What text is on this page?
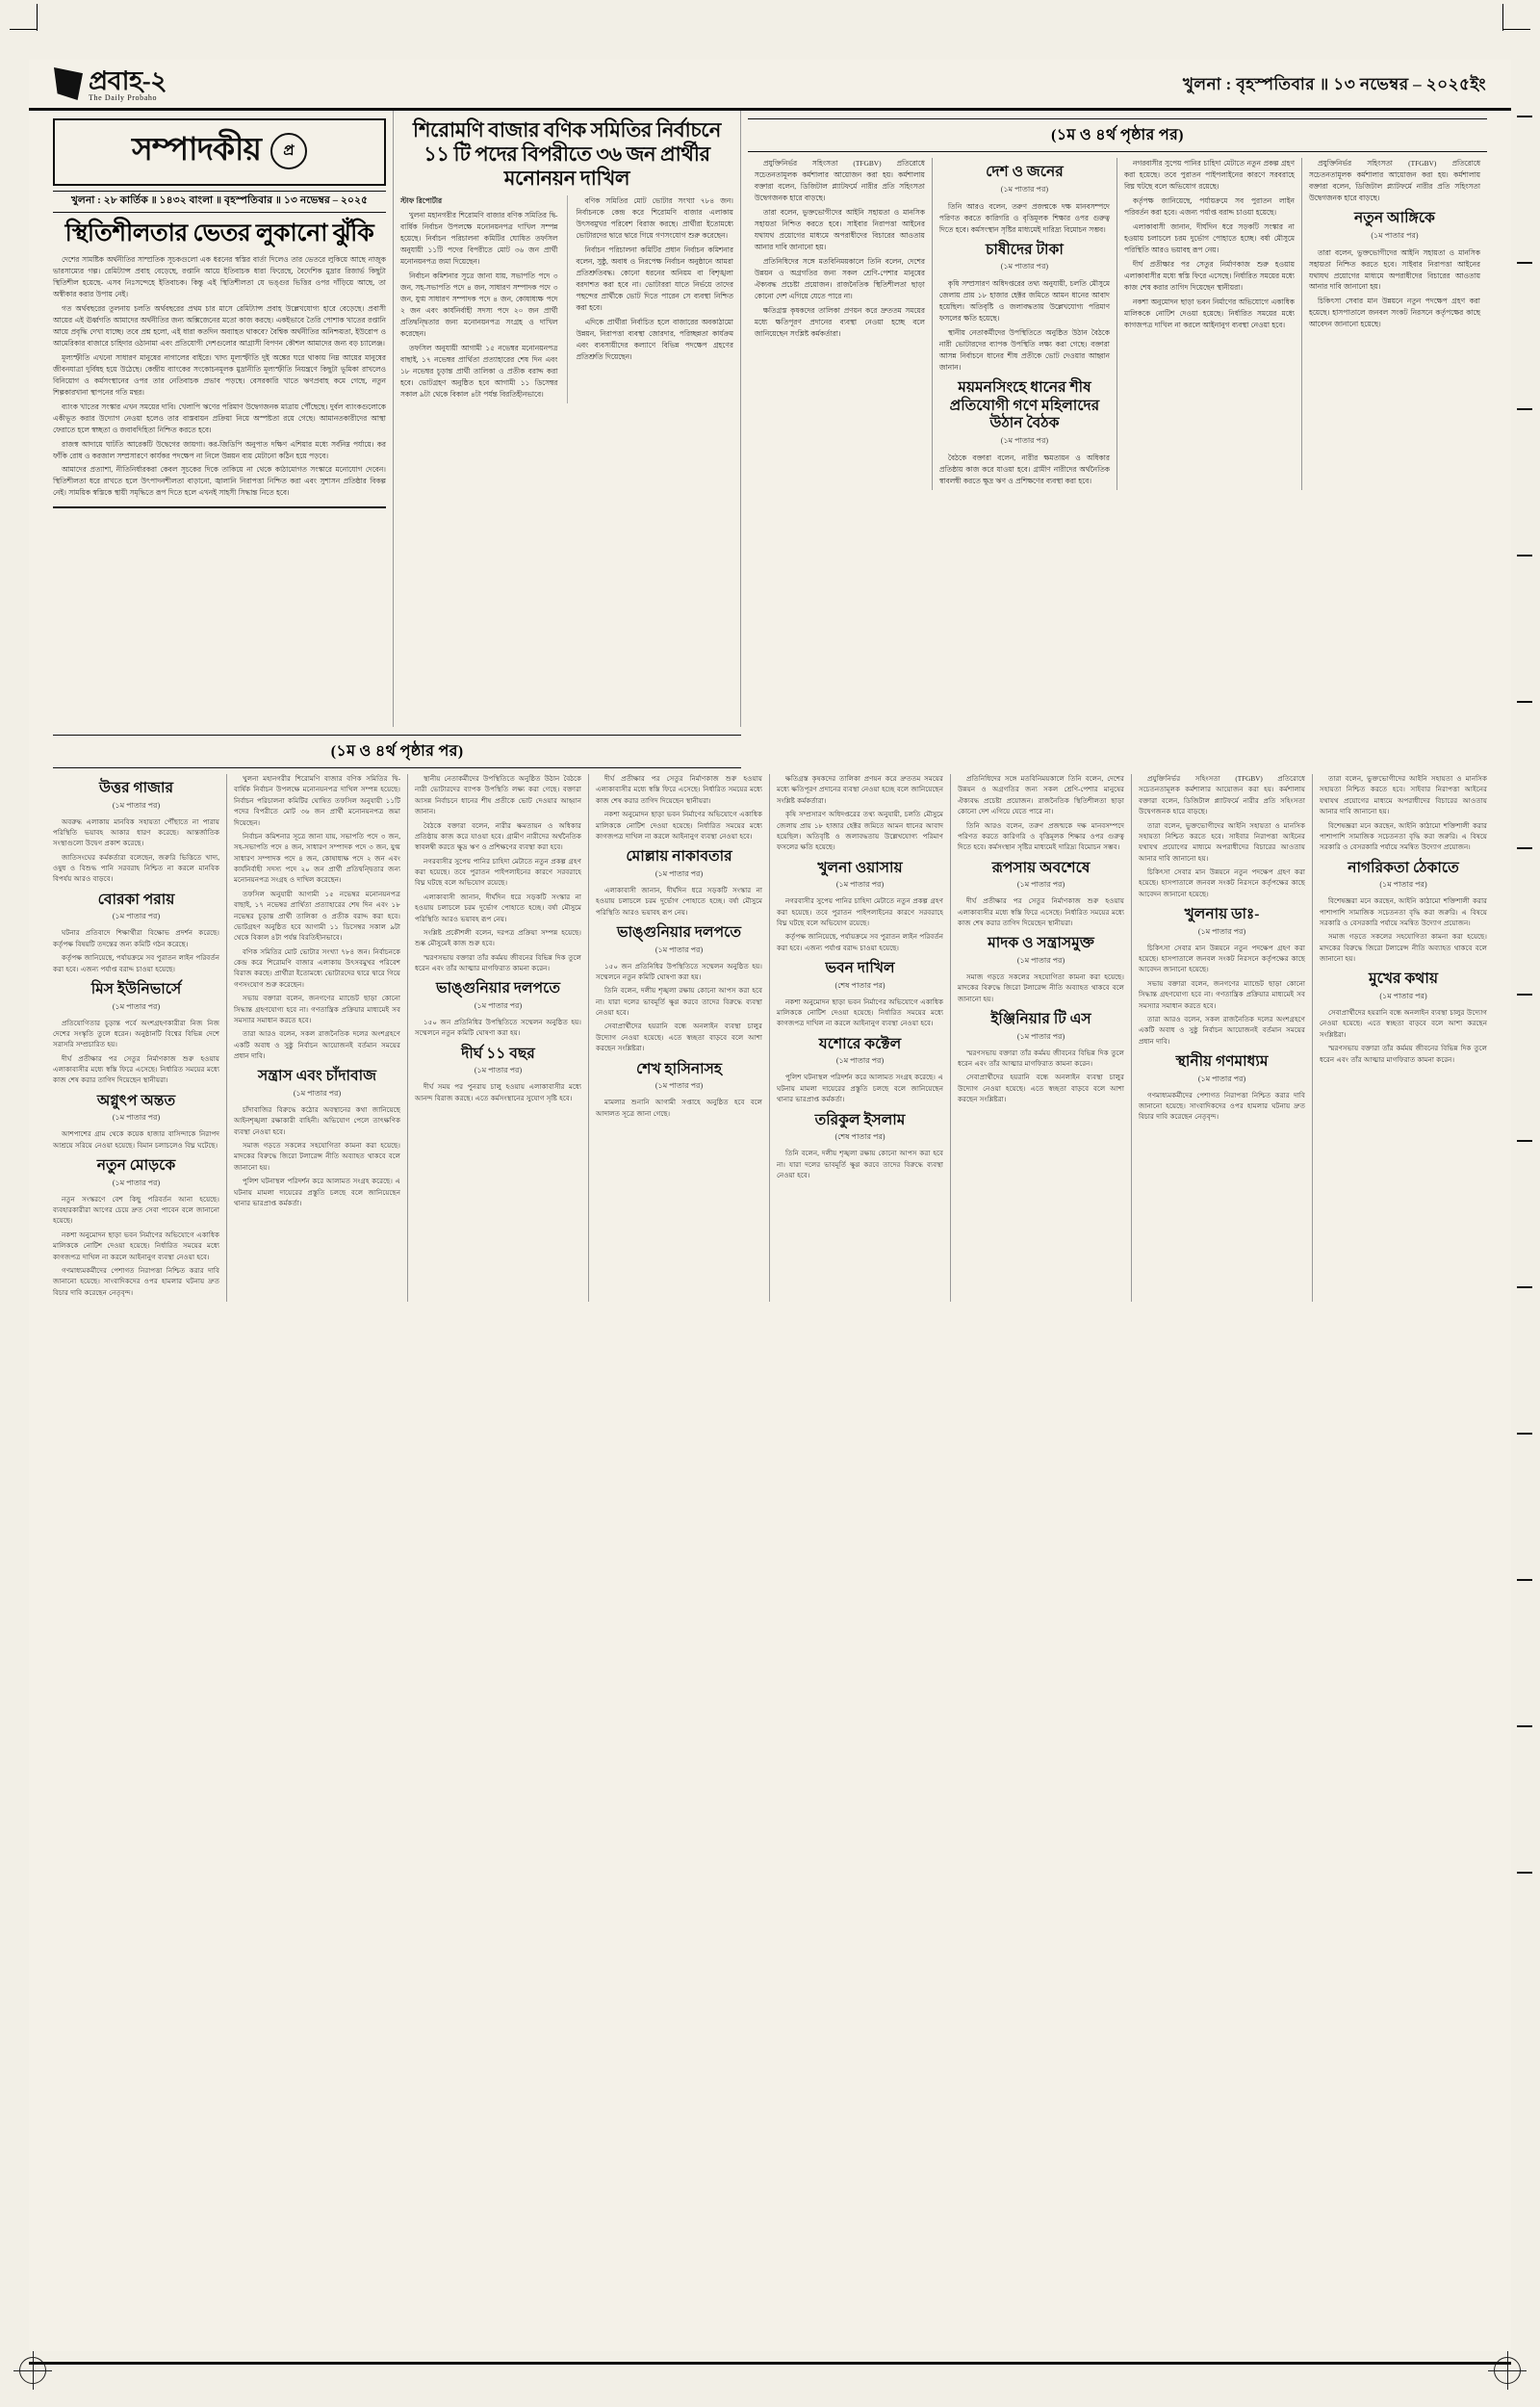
প্রবাহ-২
The Daily Probaho
খুলনা : বৃহস্পতিবার ॥ ১৩ নভেম্বর – ২০২৫ইং
সম্পাদকীয়	প্র
খুলনা : ২৮ কার্তিক ॥ ১৪৩২ বাংলা ॥ বৃহস্পতিবার ॥ ১৩ নভেম্বর – ২০২৫
স্থিতিশীলতার ভেতর লুকানো ঝুঁকি

দেশের সামষ্টিক অর্থনীতির সাম্প্রতিক সূচকগুলো এক ধরনের স্বস্তির বার্তা দিলেও তার ভেতরে লুকিয়ে আছে নাজুক ভারসাম্যের গল্প। রেমিট্যান্স প্রবাহ বেড়েছে, রপ্তানি আয়ে ইতিবাচক ধারা ফিরেছে, বৈদেশিক মুদ্রার রিজার্ভ কিছুটা স্থিতিশীল হয়েছে- এসব নিঃসন্দেহে ইতিবাচক। কিন্তু এই স্থিতিশীলতা যে ভঙ্গুর ভিত্তির ওপর দাঁড়িয়ে আছে, তা অস্বীকার করার উপায় নেই।

গত অর্থবছরের তুলনায় চলতি অর্থবছরের প্রথম চার মাসে রেমিট্যান্স প্রবাহ উল্লেখযোগ্য হারে বেড়েছে। প্রবাসী আয়ের এই ঊর্ধ্বগতি আমাদের অর্থনীতির জন্য অক্সিজেনের মতো কাজ করছে। একইভাবে তৈরি পোশাক খাতের রপ্তানি আয়ে প্রবৃদ্ধি দেখা যাচ্ছে। তবে প্রশ্ন হলো, এই ধারা কতদিন অব্যাহত থাকবে? বৈশ্বিক অর্থনীতির অনিশ্চয়তা, ইউরোপ ও আমেরিকার বাজারে চাহিদার ওঠানামা এবং প্রতিযোগী দেশগুলোর আগ্রাসী বিপণন কৌশল আমাদের জন্য বড় চ্যালেঞ্জ।

মূল্যস্ফীতি এখনো সাধারণ মানুষের নাগালের বাইরে। খাদ্য মূল্যস্ফীতি দুই অঙ্কের ঘরে থাকায় নিম্ন আয়ের মানুষের জীবনযাত্রা দুর্বিষহ হয়ে উঠেছে। কেন্দ্রীয় ব্যাংকের সংকোচনমূলক মুদ্রানীতি মূল্যস্ফীতি নিয়ন্ত্রণে কিছুটা ভূমিকা রাখলেও বিনিয়োগ ও কর্মসংস্থানের ওপর তার নেতিবাচক প্রভাব পড়ছে। বেসরকারি খাতে ঋণপ্রবাহ কমে গেছে, নতুন শিল্পকারখানা স্থাপনের গতি মন্থর।

ব্যাংক খাতের সংস্কার এখন সময়ের দাবি। খেলাপি ঋণের পরিমাণ উদ্বেগজনক মাত্রায় পৌঁছেছে। দুর্বল ব্যাংকগুলোকে একীভূত করার উদ্যোগ নেওয়া হলেও তার বাস্তবায়ন প্রক্রিয়া নিয়ে অস্পষ্টতা রয়ে গেছে। আমানতকারীদের আস্থা ফেরাতে হলে স্বচ্ছতা ও জবাবদিহিতা নিশ্চিত করতে হবে।

রাজস্ব আদায়ে ঘাটতি আরেকটি উদ্বেগের জায়গা। কর-জিডিপি অনুপাত দক্ষিণ এশিয়ার মধ্যে সর্বনিম্ন পর্যায়ে। কর ফাঁকি রোধ ও করজাল সম্প্রসারণে কার্যকর পদক্ষেপ না নিলে উন্নয়ন ব্যয় মেটানো কঠিন হয়ে পড়বে।

আমাদের প্রত্যাশা, নীতিনির্ধারকরা কেবল সূচকের দিকে তাকিয়ে না থেকে কাঠামোগত সংস্কারে মনোযোগ দেবেন। স্থিতিশীলতা ধরে রাখতে হলে উৎপাদনশীলতা বাড়ানো, জ্বালানি নিরাপত্তা নিশ্চিত করা এবং সুশাসন প্রতিষ্ঠার বিকল্প নেই। সাময়িক স্বস্তিকে স্থায়ী সমৃদ্ধিতে রূপ দিতে হলে এখনই সাহসী সিদ্ধান্ত নিতে হবে।

শিরোমণি বাজার বণিক সমিতির নির্বাচনে ১১ টি পদের বিপরীতে ৩৬ জন প্রার্থীর মনোনয়ন দাখিল

স্টাফ রিপোর্টার

খুলনা মহানগরীর শিরোমণি বাজার বণিক সমিতির দ্বি-বার্ষিক নির্বাচন উপলক্ষে মনোনয়নপত্র দাখিল সম্পন্ন হয়েছে। নির্বাচন পরিচালনা কমিটির ঘোষিত তফসিল অনুযায়ী ১১টি পদের বিপরীতে মোট ৩৬ জন প্রার্থী মনোনয়নপত্র জমা দিয়েছেন।

নির্বাচন কমিশনার সূত্রে জানা যায়, সভাপতি পদে ৩ জন, সহ-সভাপতি পদে ৪ জন, সাধারণ সম্পাদক পদে ৩ জন, যুগ্ম সাধারণ সম্পাদক পদে ৪ জন, কোষাধ্যক্ষ পদে ২ জন এবং কার্যনির্বাহী সদস্য পদে ২০ জন প্রার্থী প্রতিদ্বন্দ্বিতার জন্য মনোনয়নপত্র সংগ্রহ ও দাখিল করেছেন।

তফসিল অনুযায়ী আগামী ১৫ নভেম্বর মনোনয়নপত্র বাছাই, ১৭ নভেম্বর প্রার্থিতা প্রত্যাহারের শেষ দিন এবং ১৮ নভেম্বর চূড়ান্ত প্রার্থী তালিকা ও প্রতীক বরাদ্দ করা হবে। ভোটগ্রহণ অনুষ্ঠিত হবে আগামী ১১ ডিসেম্বর সকাল ৯টা থেকে বিকাল ৪টা পর্যন্ত বিরতিহীনভাবে।

বণিক সমিতির মোট ভোটার সংখ্যা ৭৮৪ জন। নির্বাচনকে কেন্দ্র করে শিরোমণি বাজার এলাকায় উৎসবমুখর পরিবেশ বিরাজ করছে। প্রার্থীরা ইতোমধ্যে ভোটারদের দ্বারে দ্বারে গিয়ে গণসংযোগ শুরু করেছেন।

নির্বাচন পরিচালনা কমিটির প্রধান নির্বাচন কমিশনার বলেন, সুষ্ঠু, অবাধ ও নিরপেক্ষ নির্বাচন অনুষ্ঠানে আমরা প্রতিশ্রুতিবদ্ধ। কোনো ধরনের অনিয়ম বা বিশৃঙ্খলা বরদাশত করা হবে না। ভোটাররা যাতে নির্ভয়ে তাদের পছন্দের প্রার্থীকে ভোট দিতে পারেন সে ব্যবস্থা নিশ্চিত করা হবে।

এদিকে প্রার্থীরা নির্বাচিত হলে বাজারের অবকাঠামো উন্নয়ন, নিরাপত্তা ব্যবস্থা জোরদার, পরিচ্ছন্নতা কার্যক্রম এবং ব্যবসায়ীদের কল্যাণে বিভিন্ন পদক্ষেপ গ্রহণের প্রতিশ্রুতি দিয়েছেন।

(১ম ও ৪র্থ পৃষ্ঠার পর)

প্রযুক্তিনির্ভর সহিংসতা (TFGBV) প্রতিরোধে সচেতনতামূলক কর্মশালার আয়োজন করা হয়। কর্মশালায় বক্তারা বলেন, ডিজিটাল প্ল্যাটফর্মে নারীর প্রতি সহিংসতা উদ্বেগজনক হারে বাড়ছে।

তারা বলেন, ভুক্তভোগীদের আইনি সহায়তা ও মানসিক সহায়তা নিশ্চিত করতে হবে। সাইবার নিরাপত্তা আইনের যথাযথ প্রয়োগের মাধ্যমে অপরাধীদের বিচারের আওতায় আনার দাবি জানানো হয়।

প্রতিনিধিদের সঙ্গে মতবিনিময়কালে তিনি বলেন, দেশের উন্নয়ন ও অগ্রগতির জন্য সকল শ্রেণি-পেশার মানুষের ঐক্যবদ্ধ প্রচেষ্টা প্রয়োজন। রাজনৈতিক স্থিতিশীলতা ছাড়া কোনো দেশ এগিয়ে যেতে পারে না।

ক্ষতিগ্রস্ত কৃষকদের তালিকা প্রণয়ন করে দ্রুততম সময়ের মধ্যে ক্ষতিপূরণ প্রদানের ব্যবস্থা নেওয়া হচ্ছে বলে জানিয়েছেন সংশ্লিষ্ট কর্মকর্তারা।

দেশ ও জনের
(১ম পাতার পর)

তিনি আরও বলেন, তরুণ প্রজন্মকে দক্ষ মানবসম্পদে পরিণত করতে কারিগরি ও বৃত্তিমূলক শিক্ষার ওপর গুরুত্ব দিতে হবে। কর্মসংস্থান সৃষ্টির মাধ্যমেই দারিদ্র্য বিমোচন সম্ভব।

চাষীদের টাকা
(১ম পাতার পর)

কৃষি সম্প্রসারণ অধিদপ্তরের তথ্য অনুযায়ী, চলতি মৌসুমে জেলায় প্রায় ১৮ হাজার হেক্টর জমিতে আমন ধানের আবাদ হয়েছিল। অতিবৃষ্টি ও জলাবদ্ধতায় উল্লেখযোগ্য পরিমাণ ফসলের ক্ষতি হয়েছে।

স্থানীয় নেতাকর্মীদের উপস্থিতিতে অনুষ্ঠিত উঠান বৈঠকে নারী ভোটারদের ব্যাপক উপস্থিতি লক্ষ্য করা গেছে। বক্তারা আসন্ন নির্বাচনে ধানের শীষ প্রতীকে ভোট দেওয়ার আহ্বান জানান।

ময়মনসিংহে ধানের শীষ প্রতিযোগী গণে মহিলাদের উঠান বৈঠক
(১ম পাতার পর)

বৈঠকে বক্তারা বলেন, নারীর ক্ষমতায়ন ও অধিকার প্রতিষ্ঠায় কাজ করে যাওয়া হবে। গ্রামীণ নারীদের অর্থনৈতিক স্বাবলম্বী করতে ক্ষুদ্র ঋণ ও প্রশিক্ষণের ব্যবস্থা করা হবে।

নগরবাসীর সুপেয় পানির চাহিদা মেটাতে নতুন প্রকল্প গ্রহণ করা হয়েছে। তবে পুরাতন পাইপলাইনের কারণে সরবরাহে বিঘ্ন ঘটছে বলে অভিযোগ রয়েছে।

কর্তৃপক্ষ জানিয়েছে, পর্যায়ক্রমে সব পুরাতন লাইন পরিবর্তন করা হবে। এজন্য পর্যাপ্ত বরাদ্দ চাওয়া হয়েছে।

এলাকাবাসী জানান, দীর্ঘদিন ধরে সড়কটি সংস্কার না হওয়ায় চলাচলে চরম দুর্ভোগ পোহাতে হচ্ছে। বর্ষা মৌসুমে পরিস্থিতি আরও ভয়াবহ রূপ নেয়।

দীর্ঘ প্রতীক্ষার পর সেতুর নির্মাণকাজ শুরু হওয়ায় এলাকাবাসীর মধ্যে স্বস্তি ফিরে এসেছে। নির্ধারিত সময়ের মধ্যে কাজ শেষ করার তাগিদ দিয়েছেন স্থানীয়রা।

নকশা অনুমোদন ছাড়া ভবন নির্মাণের অভিযোগে একাধিক মালিককে নোটিশ দেওয়া হয়েছে। নির্ধারিত সময়ের মধ্যে কাগজপত্র দাখিল না করলে আইনানুগ ব্যবস্থা নেওয়া হবে।

প্রযুক্তিনির্ভর সহিংসতা (TFGBV) প্রতিরোধে সচেতনতামূলক কর্মশালার আয়োজন করা হয়। কর্মশালায় বক্তারা বলেন, ডিজিটাল প্ল্যাটফর্মে নারীর প্রতি সহিংসতা উদ্বেগজনক হারে বাড়ছে।

নতুন আঙ্গিকে
(১ম পাতার পর)

তারা বলেন, ভুক্তভোগীদের আইনি সহায়তা ও মানসিক সহায়তা নিশ্চিত করতে হবে। সাইবার নিরাপত্তা আইনের যথাযথ প্রয়োগের মাধ্যমে অপরাধীদের বিচারের আওতায় আনার দাবি জানানো হয়।

চিকিৎসা সেবার মান উন্নয়নে নতুন পদক্ষেপ গ্রহণ করা হয়েছে। হাসপাতালে জনবল সংকট নিরসনে কর্তৃপক্ষের কাছে আবেদন জানানো হয়েছে।

(১ম ও ৪র্থ পৃষ্ঠার পর)
উত্তর গাজার
(১ম পাতার পর)

অবরুদ্ধ এলাকায় মানবিক সহায়তা পৌঁছাতে না পারায় পরিস্থিতি ভয়াবহ আকার ধারণ করেছে। আন্তর্জাতিক সংস্থাগুলো উদ্বেগ প্রকাশ করেছে।

জাতিসংঘের কর্মকর্তারা বলেছেন, জরুরি ভিত্তিতে খাদ্য, ওষুধ ও বিশুদ্ধ পানি সরবরাহ নিশ্চিত না করলে মানবিক বিপর্যয় আরও বাড়বে।

বোরকা পরায়
(১ম পাতার পর)

ঘটনার প্রতিবাদে শিক্ষার্থীরা বিক্ষোভ প্রদর্শন করেছে। কর্তৃপক্ষ বিষয়টি তদন্তের জন্য কমিটি গঠন করেছে।

কর্তৃপক্ষ জানিয়েছে, পর্যায়ক্রমে সব পুরাতন লাইন পরিবর্তন করা হবে। এজন্য পর্যাপ্ত বরাদ্দ চাওয়া হয়েছে।

মিস ইউনিভার্সে
(১ম পাতার পর)

প্রতিযোগিতার চূড়ান্ত পর্বে অংশগ্রহণকারীরা নিজ নিজ দেশের সংস্কৃতি তুলে ধরেন। অনুষ্ঠানটি বিশ্বের বিভিন্ন দেশে সরাসরি সম্প্রচারিত হয়।

দীর্ঘ প্রতীক্ষার পর সেতুর নির্মাণকাজ শুরু হওয়ায় এলাকাবাসীর মধ্যে স্বস্তি ফিরে এসেছে। নির্ধারিত সময়ের মধ্যে কাজ শেষ করার তাগিদ দিয়েছেন স্থানীয়রা।

অগ্নুৎপ অন্তত
(১ম পাতার পর)

আশপাশের গ্রাম থেকে কয়েক হাজার বাসিন্দাকে নিরাপদ আশ্রয়ে সরিয়ে নেওয়া হয়েছে। বিমান চলাচলেও বিঘ্ন ঘটেছে।

নতুন মোড়কে
(১ম পাতার পর)

নতুন সংস্করণে বেশ কিছু পরিবর্তন আনা হয়েছে। ব্যবহারকারীরা আগের চেয়ে দ্রুত সেবা পাবেন বলে জানানো হয়েছে।

নকশা অনুমোদন ছাড়া ভবন নির্মাণের অভিযোগে একাধিক মালিককে নোটিশ দেওয়া হয়েছে। নির্ধারিত সময়ের মধ্যে কাগজপত্র দাখিল না করলে আইনানুগ ব্যবস্থা নেওয়া হবে।

গণমাধ্যমকর্মীদের পেশাগত নিরাপত্তা নিশ্চিত করার দাবি জানানো হয়েছে। সাংবাদিকদের ওপর হামলার ঘটনায় দ্রুত বিচার দাবি করেছেন নেতৃবৃন্দ।

খুলনা মহানগরীর শিরোমণি বাজার বণিক সমিতির দ্বি-বার্ষিক নির্বাচন উপলক্ষে মনোনয়নপত্র দাখিল সম্পন্ন হয়েছে। নির্বাচন পরিচালনা কমিটির ঘোষিত তফসিল অনুযায়ী ১১টি পদের বিপরীতে মোট ৩৬ জন প্রার্থী মনোনয়নপত্র জমা দিয়েছেন।

নির্বাচন কমিশনার সূত্রে জানা যায়, সভাপতি পদে ৩ জন, সহ-সভাপতি পদে ৪ জন, সাধারণ সম্পাদক পদে ৩ জন, যুগ্ম সাধারণ সম্পাদক পদে ৪ জন, কোষাধ্যক্ষ পদে ২ জন এবং কার্যনির্বাহী সদস্য পদে ২০ জন প্রার্থী প্রতিদ্বন্দ্বিতার জন্য মনোনয়নপত্র সংগ্রহ ও দাখিল করেছেন।

তফসিল অনুযায়ী আগামী ১৫ নভেম্বর মনোনয়নপত্র বাছাই, ১৭ নভেম্বর প্রার্থিতা প্রত্যাহারের শেষ দিন এবং ১৮ নভেম্বর চূড়ান্ত প্রার্থী তালিকা ও প্রতীক বরাদ্দ করা হবে। ভোটগ্রহণ অনুষ্ঠিত হবে আগামী ১১ ডিসেম্বর সকাল ৯টা থেকে বিকাল ৪টা পর্যন্ত বিরতিহীনভাবে।

বণিক সমিতির মোট ভোটার সংখ্যা ৭৮৪ জন। নির্বাচনকে কেন্দ্র করে শিরোমণি বাজার এলাকায় উৎসবমুখর পরিবেশ বিরাজ করছে। প্রার্থীরা ইতোমধ্যে ভোটারদের দ্বারে দ্বারে গিয়ে গণসংযোগ শুরু করেছেন।

সভায় বক্তারা বলেন, জনগণের ম্যান্ডেট ছাড়া কোনো সিদ্ধান্ত গ্রহণযোগ্য হবে না। গণতান্ত্রিক প্রক্রিয়ার মাধ্যমেই সব সমস্যার সমাধান করতে হবে।

তারা আরও বলেন, সকল রাজনৈতিক দলের অংশগ্রহণে একটি অবাধ ও সুষ্ঠু নির্বাচন আয়োজনই বর্তমান সময়ের প্রধান দাবি।

সন্ত্রাস এবং চাঁদাবাজ
(১ম পাতার পর)

চাঁদাবাজির বিরুদ্ধে কঠোর অবস্থানের কথা জানিয়েছে আইনশৃঙ্খলা রক্ষাকারী বাহিনী। অভিযোগ পেলে তাৎক্ষণিক ব্যবস্থা নেওয়া হবে।

সমাজ গড়তে সকলের সহযোগিতা কামনা করা হয়েছে। মাদকের বিরুদ্ধে জিরো টলারেন্স নীতি অব্যাহত থাকবে বলে জানানো হয়।

পুলিশ ঘটনাস্থল পরিদর্শন করে আলামত সংগ্রহ করেছে। এ ঘটনায় মামলা দায়েরের প্রস্তুতি চলছে বলে জানিয়েছেন থানার ভারপ্রাপ্ত কর্মকর্তা।

স্থানীয় নেতাকর্মীদের উপস্থিতিতে অনুষ্ঠিত উঠান বৈঠকে নারী ভোটারদের ব্যাপক উপস্থিতি লক্ষ্য করা গেছে। বক্তারা আসন্ন নির্বাচনে ধানের শীষ প্রতীকে ভোট দেওয়ার আহ্বান জানান।

বৈঠকে বক্তারা বলেন, নারীর ক্ষমতায়ন ও অধিকার প্রতিষ্ঠায় কাজ করে যাওয়া হবে। গ্রামীণ নারীদের অর্থনৈতিক স্বাবলম্বী করতে ক্ষুদ্র ঋণ ও প্রশিক্ষণের ব্যবস্থা করা হবে।

নগরবাসীর সুপেয় পানির চাহিদা মেটাতে নতুন প্রকল্প গ্রহণ করা হয়েছে। তবে পুরাতন পাইপলাইনের কারণে সরবরাহে বিঘ্ন ঘটছে বলে অভিযোগ রয়েছে।

এলাকাবাসী জানান, দীর্ঘদিন ধরে সড়কটি সংস্কার না হওয়ায় চলাচলে চরম দুর্ভোগ পোহাতে হচ্ছে। বর্ষা মৌসুমে পরিস্থিতি আরও ভয়াবহ রূপ নেয়।

সংশ্লিষ্ট প্রকৌশলী বলেন, দরপত্র প্রক্রিয়া সম্পন্ন হয়েছে। শুষ্ক মৌসুমেই কাজ শুরু হবে।

স্মরণসভায় বক্তারা তাঁর কর্মময় জীবনের বিভিন্ন দিক তুলে ধরেন এবং তাঁর আত্মার মাগফিরাত কামনা করেন।

ভাঙ্গুনিয়ার দলপতে
(১ম পাতার পর)

১৫০ জন প্রতিনিধির উপস্থিতিতে সম্মেলন অনুষ্ঠিত হয়। সম্মেলনে নতুন কমিটি ঘোষণা করা হয়।

দীর্ঘ ১১ বছর
(১ম পাতার পর)

দীর্ঘ সময় পর পুনরায় চালু হওয়ায় এলাকাবাসীর মধ্যে আনন্দ বিরাজ করছে। এতে কর্মসংস্থানের সুযোগ সৃষ্টি হবে।

দীর্ঘ প্রতীক্ষার পর সেতুর নির্মাণকাজ শুরু হওয়ায় এলাকাবাসীর মধ্যে স্বস্তি ফিরে এসেছে। নির্ধারিত সময়ের মধ্যে কাজ শেষ করার তাগিদ দিয়েছেন স্থানীয়রা।

নকশা অনুমোদন ছাড়া ভবন নির্মাণের অভিযোগে একাধিক মালিককে নোটিশ দেওয়া হয়েছে। নির্ধারিত সময়ের মধ্যে কাগজপত্র দাখিল না করলে আইনানুগ ব্যবস্থা নেওয়া হবে।

মোল্লায় নাকাবতার
(১ম পাতার পর)

এলাকাবাসী জানান, দীর্ঘদিন ধরে সড়কটি সংস্কার না হওয়ায় চলাচলে চরম দুর্ভোগ পোহাতে হচ্ছে। বর্ষা মৌসুমে পরিস্থিতি আরও ভয়াবহ রূপ নেয়।

ভাঙ্গুনিয়ার দলপতে
(১ম পাতার পর)

১৫০ জন প্রতিনিধির উপস্থিতিতে সম্মেলন অনুষ্ঠিত হয়। সম্মেলনে নতুন কমিটি ঘোষণা করা হয়।

তিনি বলেন, দলীয় শৃঙ্খলা রক্ষায় কোনো আপস করা হবে না। যারা দলের ভাবমূর্তি ক্ষুণ্ণ করবে তাদের বিরুদ্ধে ব্যবস্থা নেওয়া হবে।

সেবাপ্রার্থীদের হয়রানি বন্ধে অনলাইন ব্যবস্থা চালুর উদ্যোগ নেওয়া হয়েছে। এতে স্বচ্ছতা বাড়বে বলে আশা করছেন সংশ্লিষ্টরা।

শেখ হাসিনাসহ
(১ম পাতার পর)

মামলার শুনানি আগামী সপ্তাহে অনুষ্ঠিত হবে বলে আদালত সূত্রে জানা গেছে।

ক্ষতিগ্রস্ত কৃষকদের তালিকা প্রণয়ন করে দ্রুততম সময়ের মধ্যে ক্ষতিপূরণ প্রদানের ব্যবস্থা নেওয়া হচ্ছে বলে জানিয়েছেন সংশ্লিষ্ট কর্মকর্তারা।

কৃষি সম্প্রসারণ অধিদপ্তরের তথ্য অনুযায়ী, চলতি মৌসুমে জেলায় প্রায় ১৮ হাজার হেক্টর জমিতে আমন ধানের আবাদ হয়েছিল। অতিবৃষ্টি ও জলাবদ্ধতায় উল্লেখযোগ্য পরিমাণ ফসলের ক্ষতি হয়েছে।

খুলনা ওয়াসায়
(১ম পাতার পর)

নগরবাসীর সুপেয় পানির চাহিদা মেটাতে নতুন প্রকল্প গ্রহণ করা হয়েছে। তবে পুরাতন পাইপলাইনের কারণে সরবরাহে বিঘ্ন ঘটছে বলে অভিযোগ রয়েছে।

কর্তৃপক্ষ জানিয়েছে, পর্যায়ক্রমে সব পুরাতন লাইন পরিবর্তন করা হবে। এজন্য পর্যাপ্ত বরাদ্দ চাওয়া হয়েছে।

ভবন দাখিল
(শেষ পাতার পর)

নকশা অনুমোদন ছাড়া ভবন নির্মাণের অভিযোগে একাধিক মালিককে নোটিশ দেওয়া হয়েছে। নির্ধারিত সময়ের মধ্যে কাগজপত্র দাখিল না করলে আইনানুগ ব্যবস্থা নেওয়া হবে।

যশোরে কক্টেল
(১ম পাতার পর)

পুলিশ ঘটনাস্থল পরিদর্শন করে আলামত সংগ্রহ করেছে। এ ঘটনায় মামলা দায়েরের প্রস্তুতি চলছে বলে জানিয়েছেন থানার ভারপ্রাপ্ত কর্মকর্তা।

তরিকুল ইসলাম
(শেষ পাতার পর)

তিনি বলেন, দলীয় শৃঙ্খলা রক্ষায় কোনো আপস করা হবে না। যারা দলের ভাবমূর্তি ক্ষুণ্ণ করবে তাদের বিরুদ্ধে ব্যবস্থা নেওয়া হবে।

প্রতিনিধিদের সঙ্গে মতবিনিময়কালে তিনি বলেন, দেশের উন্নয়ন ও অগ্রগতির জন্য সকল শ্রেণি-পেশার মানুষের ঐক্যবদ্ধ প্রচেষ্টা প্রয়োজন। রাজনৈতিক স্থিতিশীলতা ছাড়া কোনো দেশ এগিয়ে যেতে পারে না।

তিনি আরও বলেন, তরুণ প্রজন্মকে দক্ষ মানবসম্পদে পরিণত করতে কারিগরি ও বৃত্তিমূলক শিক্ষার ওপর গুরুত্ব দিতে হবে। কর্মসংস্থান সৃষ্টির মাধ্যমেই দারিদ্র্য বিমোচন সম্ভব।

রূপসায় অবশেষে
(১ম পাতার পর)

দীর্ঘ প্রতীক্ষার পর সেতুর নির্মাণকাজ শুরু হওয়ায় এলাকাবাসীর মধ্যে স্বস্তি ফিরে এসেছে। নির্ধারিত সময়ের মধ্যে কাজ শেষ করার তাগিদ দিয়েছেন স্থানীয়রা।

মাদক ও সন্ত্রাসমুক্ত
(১ম পাতার পর)

সমাজ গড়তে সকলের সহযোগিতা কামনা করা হয়েছে। মাদকের বিরুদ্ধে জিরো টলারেন্স নীতি অব্যাহত থাকবে বলে জানানো হয়।

ইঞ্জিনিয়ার টি এস
(১ম পাতার পর)

স্মরণসভায় বক্তারা তাঁর কর্মময় জীবনের বিভিন্ন দিক তুলে ধরেন এবং তাঁর আত্মার মাগফিরাত কামনা করেন।

সেবাপ্রার্থীদের হয়রানি বন্ধে অনলাইন ব্যবস্থা চালুর উদ্যোগ নেওয়া হয়েছে। এতে স্বচ্ছতা বাড়বে বলে আশা করছেন সংশ্লিষ্টরা।

প্রযুক্তিনির্ভর সহিংসতা (TFGBV) প্রতিরোধে সচেতনতামূলক কর্মশালার আয়োজন করা হয়। কর্মশালায় বক্তারা বলেন, ডিজিটাল প্ল্যাটফর্মে নারীর প্রতি সহিংসতা উদ্বেগজনক হারে বাড়ছে।

তারা বলেন, ভুক্তভোগীদের আইনি সহায়তা ও মানসিক সহায়তা নিশ্চিত করতে হবে। সাইবার নিরাপত্তা আইনের যথাযথ প্রয়োগের মাধ্যমে অপরাধীদের বিচারের আওতায় আনার দাবি জানানো হয়।

চিকিৎসা সেবার মান উন্নয়নে নতুন পদক্ষেপ গ্রহণ করা হয়েছে। হাসপাতালে জনবল সংকট নিরসনে কর্তৃপক্ষের কাছে আবেদন জানানো হয়েছে।

খুলনায় ডাঃ-
(১ম পাতার পর)

চিকিৎসা সেবার মান উন্নয়নে নতুন পদক্ষেপ গ্রহণ করা হয়েছে। হাসপাতালে জনবল সংকট নিরসনে কর্তৃপক্ষের কাছে আবেদন জানানো হয়েছে।

সভায় বক্তারা বলেন, জনগণের ম্যান্ডেট ছাড়া কোনো সিদ্ধান্ত গ্রহণযোগ্য হবে না। গণতান্ত্রিক প্রক্রিয়ার মাধ্যমেই সব সমস্যার সমাধান করতে হবে।

তারা আরও বলেন, সকল রাজনৈতিক দলের অংশগ্রহণে একটি অবাধ ও সুষ্ঠু নির্বাচন আয়োজনই বর্তমান সময়ের প্রধান দাবি।

স্থানীয় গণমাধ্যম
(১ম পাতার পর)

গণমাধ্যমকর্মীদের পেশাগত নিরাপত্তা নিশ্চিত করার দাবি জানানো হয়েছে। সাংবাদিকদের ওপর হামলার ঘটনায় দ্রুত বিচার দাবি করেছেন নেতৃবৃন্দ।

তারা বলেন, ভুক্তভোগীদের আইনি সহায়তা ও মানসিক সহায়তা নিশ্চিত করতে হবে। সাইবার নিরাপত্তা আইনের যথাযথ প্রয়োগের মাধ্যমে অপরাধীদের বিচারের আওতায় আনার দাবি জানানো হয়।

বিশেষজ্ঞরা মনে করছেন, আইনি কাঠামো শক্তিশালী করার পাশাপাশি সামাজিক সচেতনতা বৃদ্ধি করা জরুরি। এ বিষয়ে সরকারি ও বেসরকারি পর্যায়ে সমন্বিত উদ্যোগ প্রয়োজন।

নাগরিকতা ঠেকাতে
(১ম পাতার পর)

বিশেষজ্ঞরা মনে করছেন, আইনি কাঠামো শক্তিশালী করার পাশাপাশি সামাজিক সচেতনতা বৃদ্ধি করা জরুরি। এ বিষয়ে সরকারি ও বেসরকারি পর্যায়ে সমন্বিত উদ্যোগ প্রয়োজন।

সমাজ গড়তে সকলের সহযোগিতা কামনা করা হয়েছে। মাদকের বিরুদ্ধে জিরো টলারেন্স নীতি অব্যাহত থাকবে বলে জানানো হয়।

মুখের কথায়
(১ম পাতার পর)

সেবাপ্রার্থীদের হয়রানি বন্ধে অনলাইন ব্যবস্থা চালুর উদ্যোগ নেওয়া হয়েছে। এতে স্বচ্ছতা বাড়বে বলে আশা করছেন সংশ্লিষ্টরা।

স্মরণসভায় বক্তারা তাঁর কর্মময় জীবনের বিভিন্ন দিক তুলে ধরেন এবং তাঁর আত্মার মাগফিরাত কামনা করেন।
